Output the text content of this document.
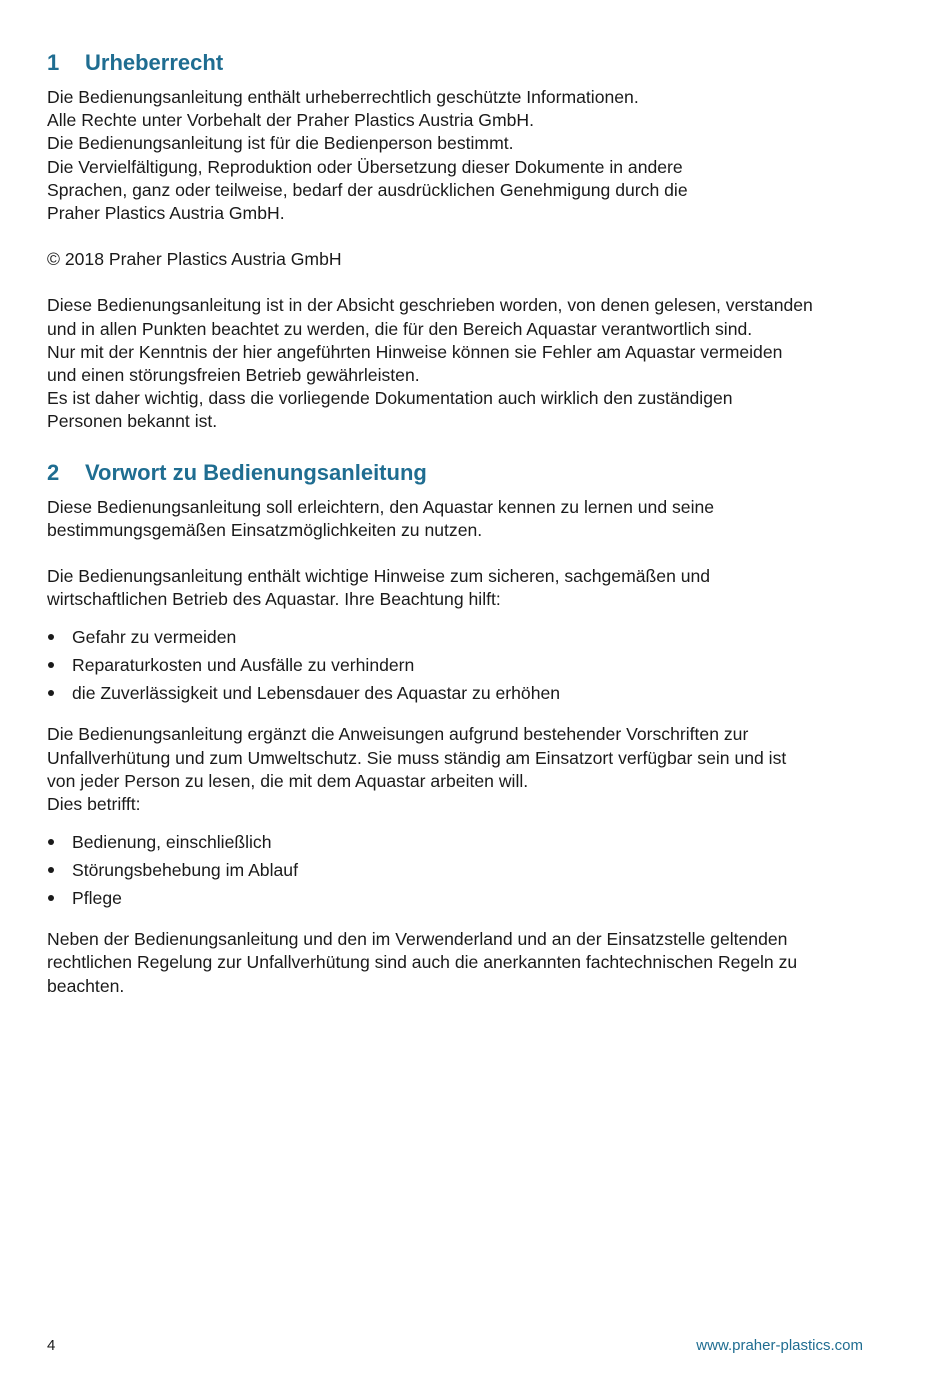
1	Urheberrecht

Die Bedienungsanleitung enthält urheberrechtlich geschützte Informationen.
Alle Rechte unter Vorbehalt der Praher Plastics Austria GmbH.
Die Bedienungsanleitung ist für die Bedienperson bestimmt.
Die Vervielfältigung, Reproduktion oder Übersetzung dieser Dokumente in andere
Sprachen, ganz oder teilweise, bedarf der ausdrücklichen Genehmigung durch die
Praher Plastics Austria GmbH.

© 2018 Praher Plastics Austria GmbH

Diese Bedienungsanleitung ist in der Absicht geschrieben worden, von denen gelesen, verstanden
und in allen Punkten beachtet zu werden, die für den Bereich Aquastar verantwortlich sind.
Nur mit der Kenntnis der hier angeführten Hinweise können sie Fehler am Aquastar vermeiden
und einen störungsfreien Betrieb gewährleisten.
Es ist daher wichtig, dass die vorliegende Dokumentation auch wirklich den zuständigen
Personen bekannt ist.

2	Vorwort zu Bedienungsanleitung

Diese Bedienungsanleitung soll erleichtern, den Aquastar kennen zu lernen und seine
bestimmungsgemäßen Einsatzmöglichkeiten zu nutzen.

Die Bedienungsanleitung enthält wichtige Hinweise zum sicheren, sachgemäßen und
wirtschaftlichen Betrieb des Aquastar. Ihre Beachtung hilft:

Gefahr zu vermeiden
Reparaturkosten und Ausfälle zu verhindern
die Zuverlässigkeit und Lebensdauer des Aquastar zu erhöhen

Die Bedienungsanleitung ergänzt die Anweisungen aufgrund bestehender Vorschriften zur
Unfallverhütung und zum Umweltschutz. Sie muss ständig am Einsatzort verfügbar sein und ist
von jeder Person zu lesen, die mit dem Aquastar arbeiten will.
Dies betrifft:

Bedienung, einschließlich
Störungsbehebung im Ablauf
Pflege

Neben der Bedienungsanleitung und den im Verwenderland und an der Einsatzstelle geltenden
rechtlichen Regelung zur Unfallverhütung sind auch die anerkannten fachtechnischen Regeln zu
beachten.

4	www.praher-plastics.com
